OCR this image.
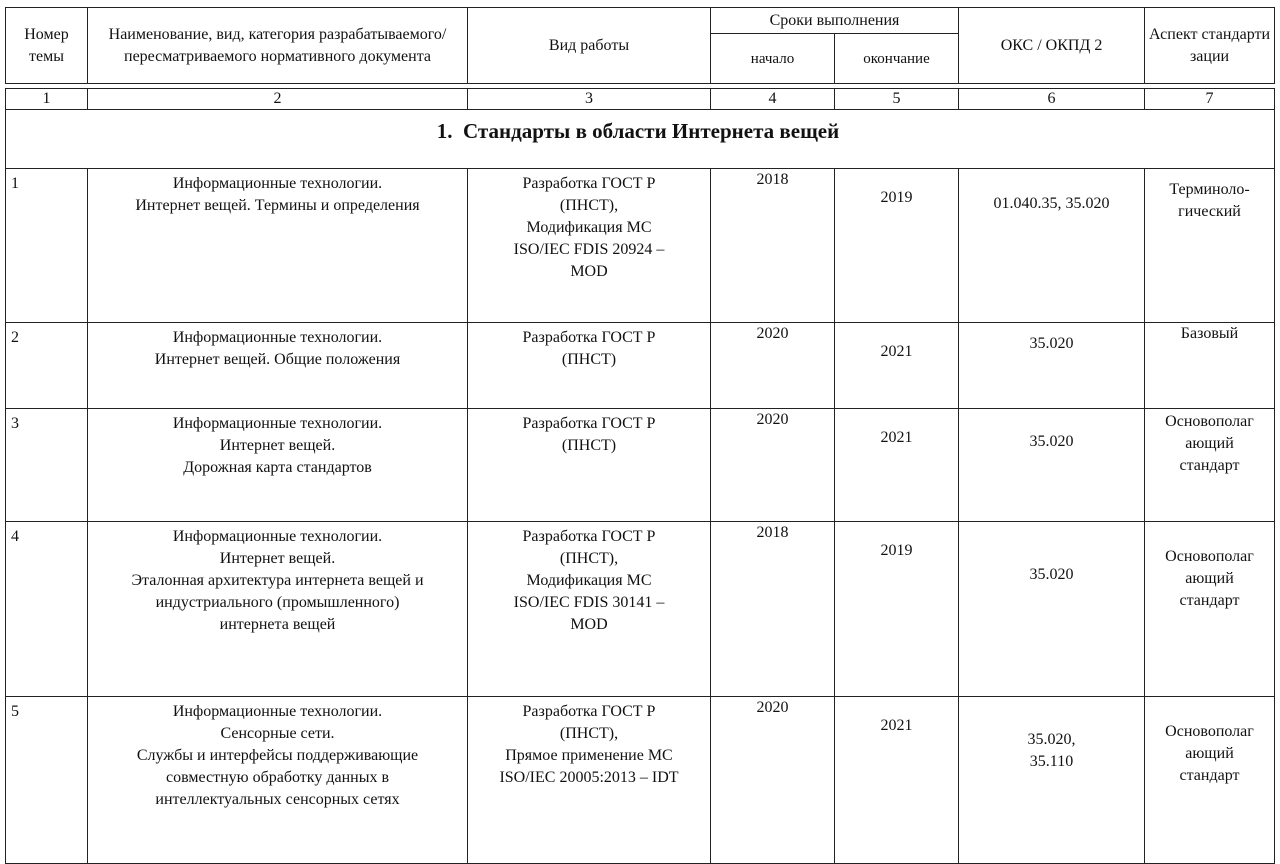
Номер темы	Наименование, вид, категория разрабатываемого/пересматриваемого нормативного документа	Вид работы	Сроки выполнения		ОКС / ОКПД 2	Аспект стандартизации
			начало	окончание		
1	2	3	4	5	6	7
1.  Стандарты в области Интернета вещей						
1	Информационные технологии.
Интернет вещей. Термины и определения	Разработка ГОСТ Р
(ПНСТ),
Модификация МС
ISO/IEC FDIS 20924 –
MOD	2018	2019	01.040.35, 35.020	Терминоло-
гический

2	Информационные технологии.
Интернет вещей. Общие положения	Разработка ГОСТ Р
(ПНСТ)	2020	2021	35.020	Базовый

3	Информационные технологии.
Интернет вещей.
Дорожная карта стандартов	Разработка ГОСТ Р
(ПНСТ)	2020	2021	35.020	Основополаг
ающий
стандарт

4	Информационные технологии.
Интернет вещей.
Эталонная архитектура интернета вещей и
индустриального (промышленного)
интернета вещей	Разработка ГОСТ Р
(ПНСТ),
Модификация МС
ISO/IEC FDIS 30141 –
MOD	2018	2019	35.020	Основополаг
ающий
стандарт

5	Информационные технологии.
Сенсорные сети.
Службы и интерфейсы поддерживающие
совместную обработку данных в
интеллектуальных сенсорных сетях	Разработка ГОСТ Р
(ПНСТ),
Прямое применение МС
ISO/IEC 20005:2013 – IDT	2020	2021	35.020,
35.110	Основополаг
ающий
стандарт
